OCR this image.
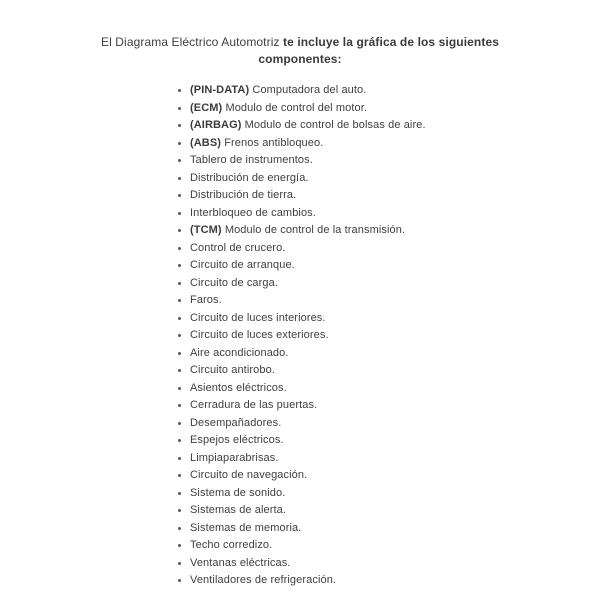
El Diagrama Eléctrico Automotriz te incluye la gráfica de los siguientes componentes:

• (PIN-DATA) Computadora del auto.
• (ECM) Modulo de control del motor.
• (AIRBAG) Modulo de control de bolsas de aire.
• (ABS) Frenos antibloqueo.
• Tablero de instrumentos.
• Distribución de energía.
• Distribución de tierra.
• Interbloqueo de cambios.
• (TCM) Modulo de control de la transmisión.
• Control de crucero.
• Circuito de arranque.
• Circuito de carga.
• Faros.
• Circuito de luces interiores.
• Circuito de luces exteriores.
• Aire acondicionado.
• Circuito antirobo.
• Asientos eléctricos.
• Cerradura de las puertas.
• Desempañadores.
• Espejos eléctricos.
• Limpiaparabrisas.
• Circuito de navegación.
• Sistema de sonido.
• Sistemas de alerta.
• Sistemas de memoria.
• Techo corredizo.
• Ventanas eléctricas.
• Ventiladores de refrigeración.
